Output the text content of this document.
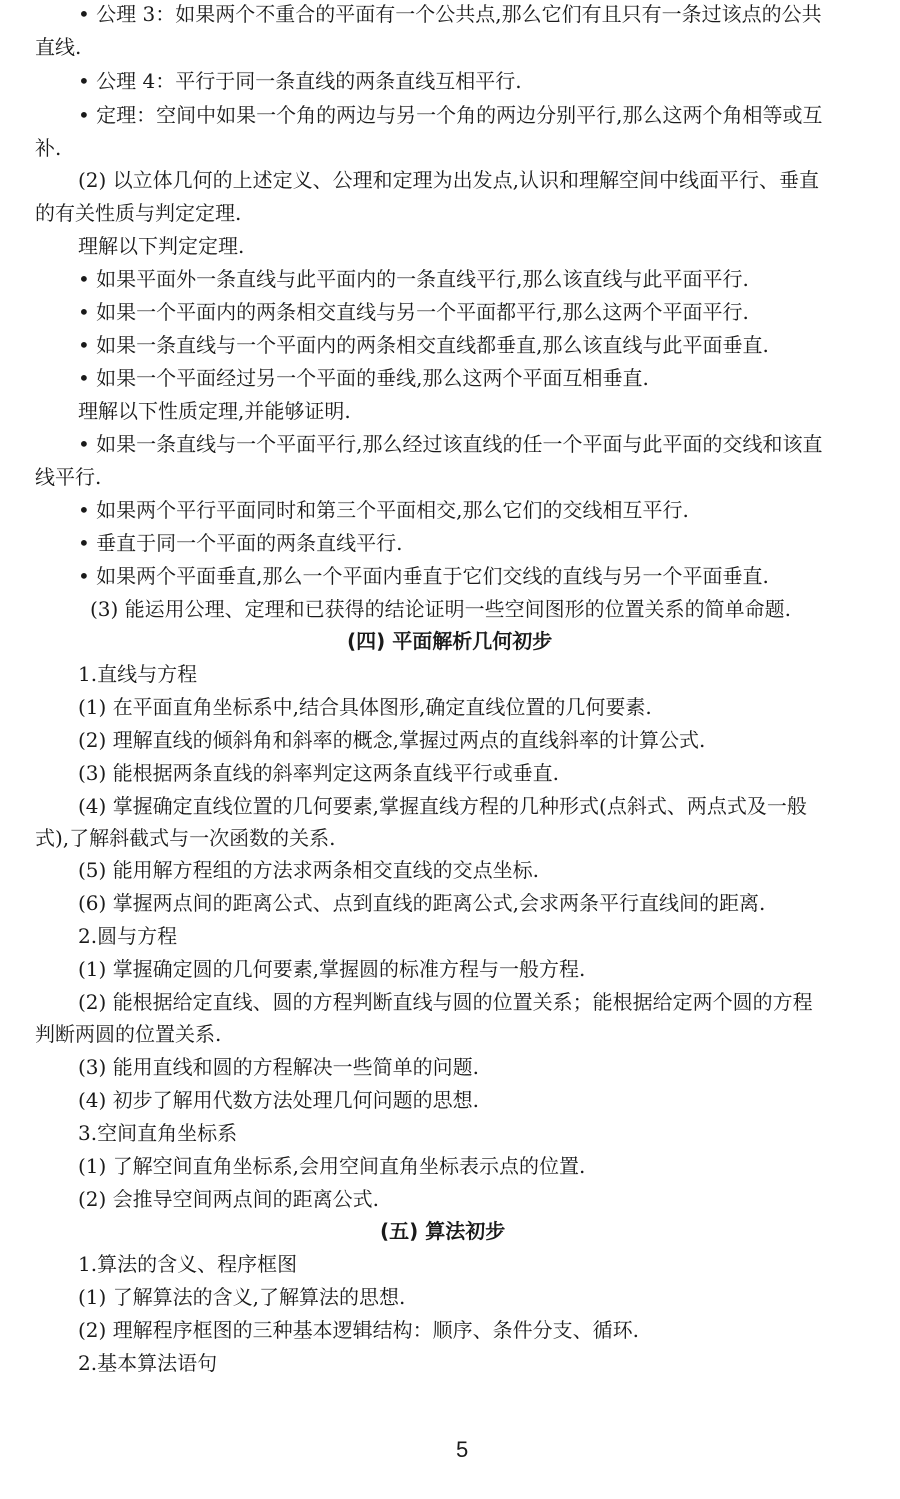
• 公理 3：如果两个不重合的平面有一个公共点,那么它们有且只有一条过该点的公共
直线.
• 公理 4：平行于同一条直线的两条直线互相平行.
• 定理：空间中如果一个角的两边与另一个角的两边分别平行,那么这两个角相等或互
补.
(2) 以立体几何的上述定义、公理和定理为出发点,认识和理解空间中线面平行、垂直
的有关性质与判定定理.
理解以下判定定理.
• 如果平面外一条直线与此平面内的一条直线平行,那么该直线与此平面平行.
• 如果一个平面内的两条相交直线与另一个平面都平行,那么这两个平面平行.
• 如果一条直线与一个平面内的两条相交直线都垂直,那么该直线与此平面垂直.
• 如果一个平面经过另一个平面的垂线,那么这两个平面互相垂直.
理解以下性质定理,并能够证明.
• 如果一条直线与一个平面平行,那么经过该直线的任一个平面与此平面的交线和该直
线平行.
• 如果两个平行平面同时和第三个平面相交,那么它们的交线相互平行.
• 垂直于同一个平面的两条直线平行.
• 如果两个平面垂直,那么一个平面内垂直于它们交线的直线与另一个平面垂直.
(3) 能运用公理、定理和已获得的结论证明一些空间图形的位置关系的简单命题.
(四) 平面解析几何初步
1.直线与方程
(1) 在平面直角坐标系中,结合具体图形,确定直线位置的几何要素.
(2) 理解直线的倾斜角和斜率的概念,掌握过两点的直线斜率的计算公式.
(3) 能根据两条直线的斜率判定这两条直线平行或垂直.
(4) 掌握确定直线位置的几何要素,掌握直线方程的几种形式(点斜式、两点式及一般
式),了解斜截式与一次函数的关系.
(5) 能用解方程组的方法求两条相交直线的交点坐标.
(6) 掌握两点间的距离公式、点到直线的距离公式,会求两条平行直线间的距离.
2.圆与方程
(1) 掌握确定圆的几何要素,掌握圆的标准方程与一般方程.
(2) 能根据给定直线、圆的方程判断直线与圆的位置关系；能根据给定两个圆的方程
判断两圆的位置关系.
(3) 能用直线和圆的方程解决一些简单的问题.
(4) 初步了解用代数方法处理几何问题的思想.
3.空间直角坐标系
(1) 了解空间直角坐标系,会用空间直角坐标表示点的位置.
(2) 会推导空间两点间的距离公式.
(五) 算法初步
1.算法的含义、程序框图
(1) 了解算法的含义,了解算法的思想.
(2) 理解程序框图的三种基本逻辑结构：顺序、条件分支、循环.
2.基本算法语句
5
